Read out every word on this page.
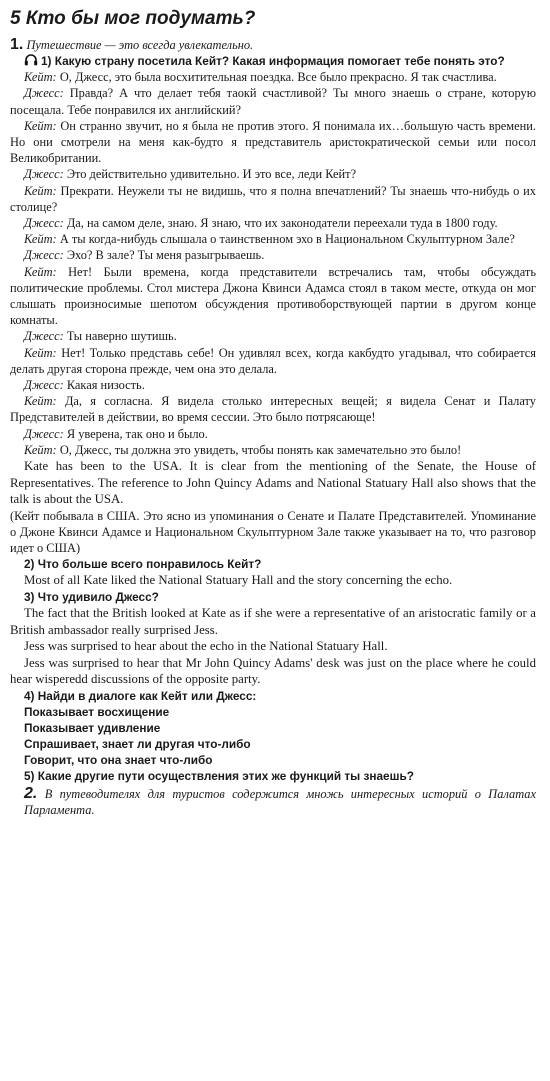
5 Кто бы мог подумать?
1. Путешествие — это всегда увлекательно.
1) Какую страну посетила Кейт? Какая информация помогает тебе понять это?
Кейт: О, Джесс, это была восхитительная поездка. Все было прекрасно. Я так счастлива.
Джесс: Правда? А что делает тебя таокй счастливой? Ты много знаешь о стране, которую посещала. Тебе понравился их английский?
Кейт: Он странно звучит, но я была не против этого. Я понимала их…большую часть времени. Но они смотрели на меня как-будто я представитель аристократической семьи или посол Великобритании.
Джесс: Это действительно удивительно. И это все, леди Кейт?
Кейт: Прекрати. Неужели ты не видишь, что я полна впечатлений? Ты знаешь что-нибудь о их столице?
Джесс: Да, на самом деле, знаю. Я знаю, что их законодатели переехали туда в 1800 году.
Кейт: А ты когда-нибудь слышала о таинственном эхо в Национальном Скульптурном Зале?
Джесс: Эхо? В зале? Ты меня разыгрываешь.
Кейт: Нет! Были времена, когда представители встречались там, чтобы обсуждать политические проблемы. Стол мистера Джона Квинси Адамса стоял в таком месте, откуда он мог слышать произносимые шепотом обсуждения противоборствующей партии в другом конце комнаты.
Джесс: Ты наверно шутишь.
Кейт: Нет! Только представь себе! Он удивлял всех, когда какбудто угадывал, что собирается делать другая сторона прежде, чем она это делала.
Джесс: Какая низость.
Кейт: Да, я согласна. Я видела столько интересных вещей; я видела Сенат и Палату Представителей в действии, во время сессии. Это было потрясающе!
Джесс: Я уверена, так оно и было.
Кейт: О, Джесс, ты должна это увидеть, чтобы понять как замечательно это было!
Kate has been to the USA. It is clear from the mentioning of the Senate, the House of Representatives. The reference to John Quincy Adams and National Statuary Hall also shows that the talk is about the USA.
(Кейт побывала в США. Это ясно из упоминания о Сенате и Палате Представителей. Упоминание о Джоне Квинси Адамсе и Национальном Скульптурном Зале также указывает на то, что разговор идет о США)
2) Что больше всего понравилось Кейт?
Most of all Kate liked the National Statuary Hall and the story concerning the echo.
3) Что удивило Джесс?
The fact that the British looked at Kate as if she were a representative of an aristocratic family or a British ambassador really surprised Jess.
Jess was surprised to hear about the echo in the National Statuary Hall.
Jess was surprised to hear that Mr John Quincy Adams' desk was just on the place where he could hear wisperedd discussions of the opposite party.
4) Найди в диалоге как Кейт или Джесс:
Показывает восхищение
Показывает удивление
Спрашивает, знает ли другая что-либо
Говорит, что она знает что-либо
5) Какие другие пути осуществления этих же функций ты знаешь?
2. В путеводителях для туристов содержится множь интересных историй о Палатах Парламента.
